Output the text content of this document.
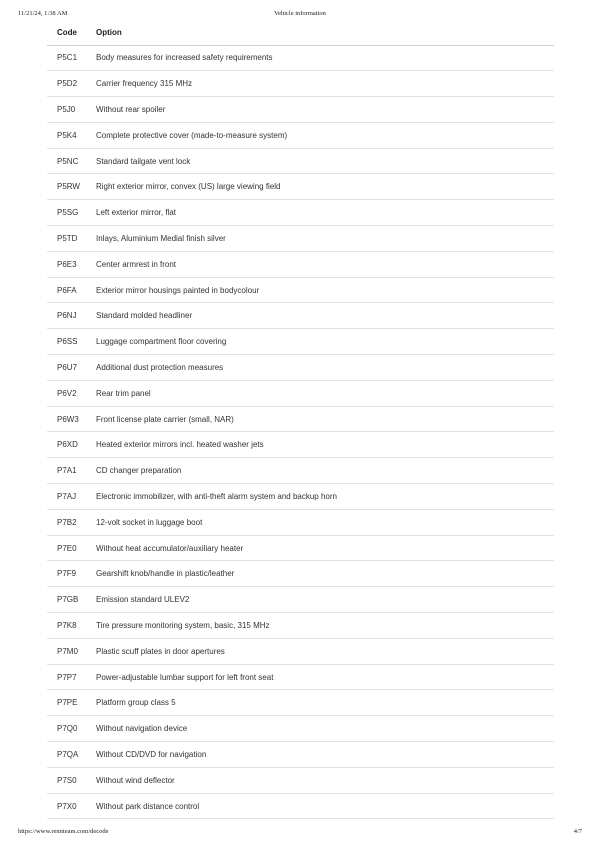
11/21/24, 1:38 AM	Vehicle information
Code	Option
P5C1	Body measures for increased safety requirements
P5D2	Carrier frequency 315 MHz
P5J0	Without rear spoiler
P5K4	Complete protective cover (made-to-measure system)
P5NC	Standard tailgate vent lock
P5RW	Right exterior mirror, convex (US) large viewing field
P5SG	Left exterior mirror, flat
P5TD	Inlays, Aluminium Medial finish silver
P6E3	Center armrest in front
P6FA	Exterior mirror housings painted in bodycolour
P6NJ	Standard molded headliner
P6SS	Luggage compartment floor covering
P6U7	Additional dust protection measures
P6V2	Rear trim panel
P6W3	Front license plate carrier (small, NAR)
P6XD	Heated exterior mirrors incl. heated washer jets
P7A1	CD changer preparation
P7AJ	Electronic immobilizer, with anti-theft alarm system and backup horn
P7B2	12-volt socket in luggage boot
P7E0	Without heat accumulator/auxiliary heater
P7F9	Gearshift knob/handle in plastic/leather
P7GB	Emission standard ULEV2
P7K8	Tire pressure monitoring system, basic, 315 MHz
P7M0	Plastic scuff plates in door apertures
P7P7	Power-adjustable lumbar support for left front seat
P7PE	Platform group class 5
P7Q0	Without navigation device
P7QA	Without CD/DVD for navigation
P7S0	Without wind deflector
P7X0	Without park distance control
https://www.rennteam.com/decode	4/7
